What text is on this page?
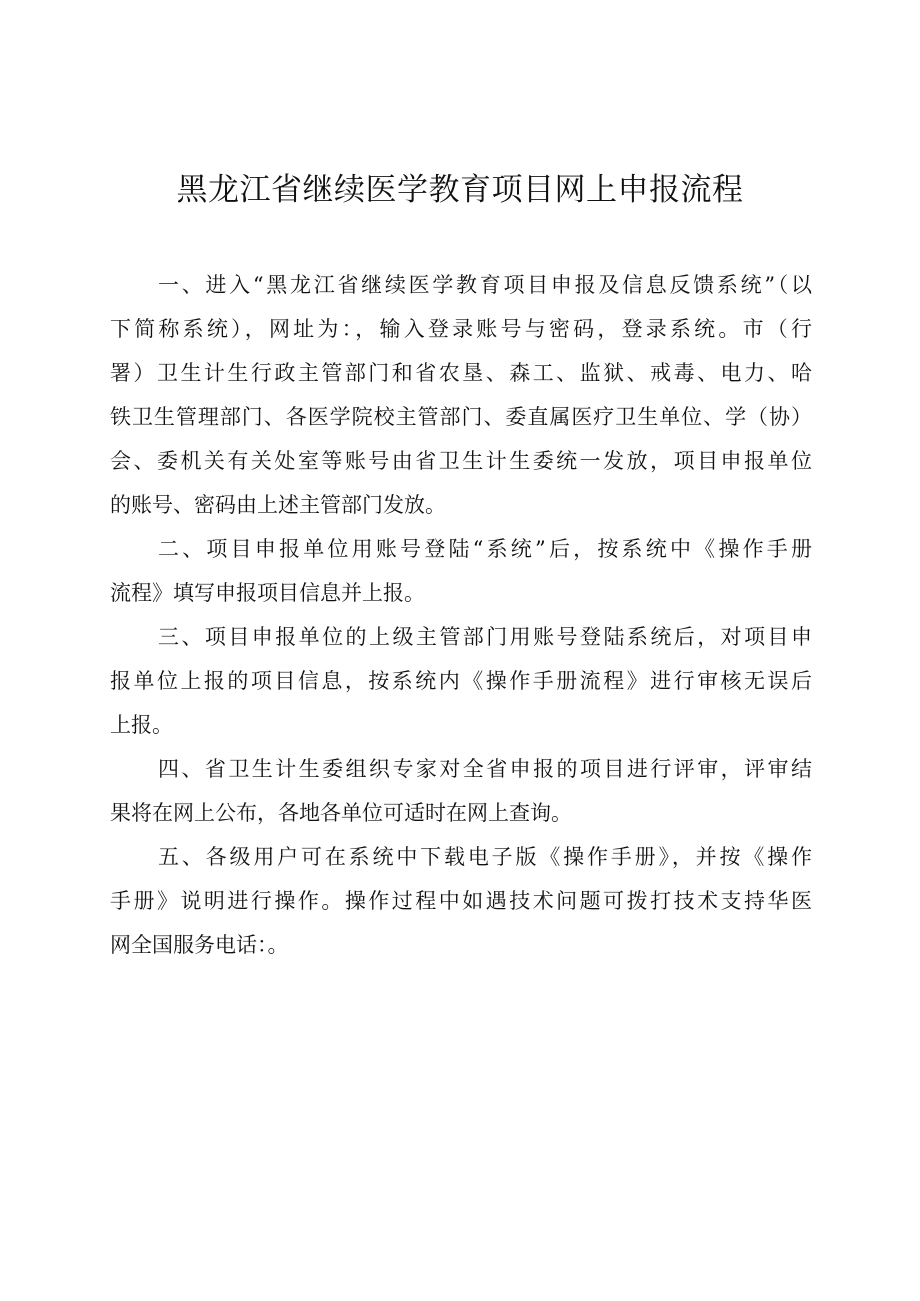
黑龙江省继续医学教育项目网上申报流程
一、进入“黑龙江省继续医学教育项目申报及信息反馈系统”（以
下简称系统），网址为：，输入登录账号与密码，登录系统。市（行
署）卫生计生行政主管部门和省农垦、森工、监狱、戒毒、电力、哈
铁卫生管理部门、各医学院校主管部门、委直属医疗卫生单位、学（协）
会、委机关有关处室等账号由省卫生计生委统一发放，项目申报单位
的账号、密码由上述主管部门发放。
二、项目申报单位用账号登陆“系统”后，按系统中《操作手册
流程》填写申报项目信息并上报。
三、项目申报单位的上级主管部门用账号登陆系统后，对项目申
报单位上报的项目信息，按系统内《操作手册流程》进行审核无误后
上报。
四、省卫生计生委组织专家对全省申报的项目进行评审，评审结
果将在网上公布，各地各单位可适时在网上查询。
五、各级用户可在系统中下载电子版《操作手册》，并按《操作
手册》说明进行操作。操作过程中如遇技术问题可拨打技术支持华医
网全国服务电话：。
